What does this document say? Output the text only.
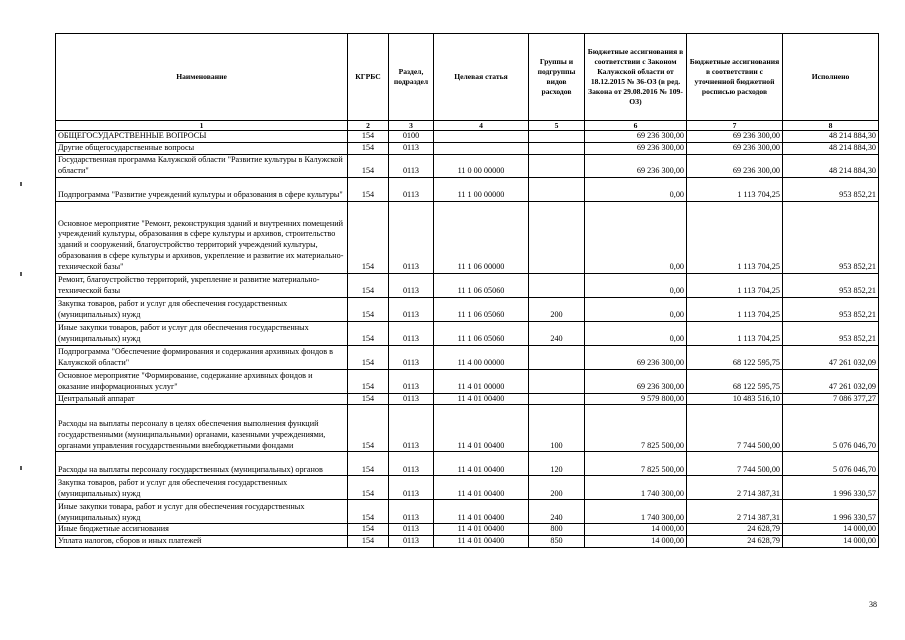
Наименование	КГРБС	Раздел, подраздел	Целевая статья	Группы и подгруппы видов расходов	Бюджетные ассигнования в соответствии с Законом Калужской области от 18.12.2015 № 36-ОЗ (в ред. Закона от 29.08.2016 № 109-ОЗ)	Бюджетные ассигнования в соответствии с уточненной бюджетной росписью расходов	Исполнено
1	2	3	4	5	6	7	8
ОБЩЕГОСУДАРСТВЕННЫЕ ВОПРОСЫ	154	0100			69 236 300,00	69 236 300,00	48 214 884,30
Другие общегосударственные вопросы	154	0113			69 236 300,00	69 236 300,00	48 214 884,30
Государственная программа Калужской области "Развитие культуры в Калужской области"	154	0113	11 0 00 00000		69 236 300,00	69 236 300,00	48 214 884,30
Подпрограмма "Развитие учреждений культуры и образования в сфере культуры"	154	0113	11 1 00 00000		0,00	1 113 704,25	953 852,21
Основное мероприятие "Ремонт, реконструкция зданий и внутренних помещений учреждений культуры, образования в сфере культуры и архивов, строительство зданий и сооружений, благоустройство территорий учреждений культуры, образования в сфере культуры и архивов, укрепление и развитие их материально-технической базы"	154	0113	11 1 06 00000		0,00	1 113 704,25	953 852,21
Ремонт, благоустройство территорий, укрепление и развитие материально-технической базы	154	0113	11 1 06 05060		0,00	1 113 704,25	953 852,21
Закупка товаров, работ и услуг для обеспечения государственных (муниципальных) нужд	154	0113	11 1 06 05060	200	0,00	1 113 704,25	953 852,21
Иные закупки товаров, работ и услуг для обеспечения государственных (муниципальных) нужд	154	0113	11 1 06 05060	240	0,00	1 113 704,25	953 852,21
Подпрограмма "Обеспечение формирования и содержания архивных фондов в Калужской области"	154	0113	11 4 00 00000		69 236 300,00	68 122 595,75	47 261 032,09
Основное мероприятие "Формирование, содержание архивных фондов и оказание информационных услуг"	154	0113	11 4 01 00000		69 236 300,00	68 122 595,75	47 261 032,09
Центральный аппарат	154	0113	11 4 01 00400		9 579 800,00	10 483 516,10	7 086 377,27
Расходы на выплаты персоналу в целях обеспечения выполнения функций государственными (муниципальными) органами, казенными учреждениями, органами управления государственными внебюджетными фондами	154	0113	11 4 01 00400	100	7 825 500,00	7 744 500,00	5 076 046,70
Расходы на выплаты персоналу государственных (муниципальных) органов	154	0113	11 4 01 00400	120	7 825 500,00	7 744 500,00	5 076 046,70
Закупка товаров, работ и услуг для обеспечения государственных (муниципальных) нужд	154	0113	11 4 01 00400	200	1 740 300,00	2 714 387,31	1 996 330,57
Иные закупки товара, работ и услуг для обеспечения государственных (муниципальных) нужд	154	0113	11 4 01 00400	240	1 740 300,00	2 714 387,31	1 996 330,57
Иные бюджетные ассигнования	154	0113	11 4 01 00400	800	14 000,00	24 628,79	14 000,00
Уплата налогов, сборов и иных платежей	154	0113	11 4 01 00400	850	14 000,00	24 628,79	14 000,00
38
